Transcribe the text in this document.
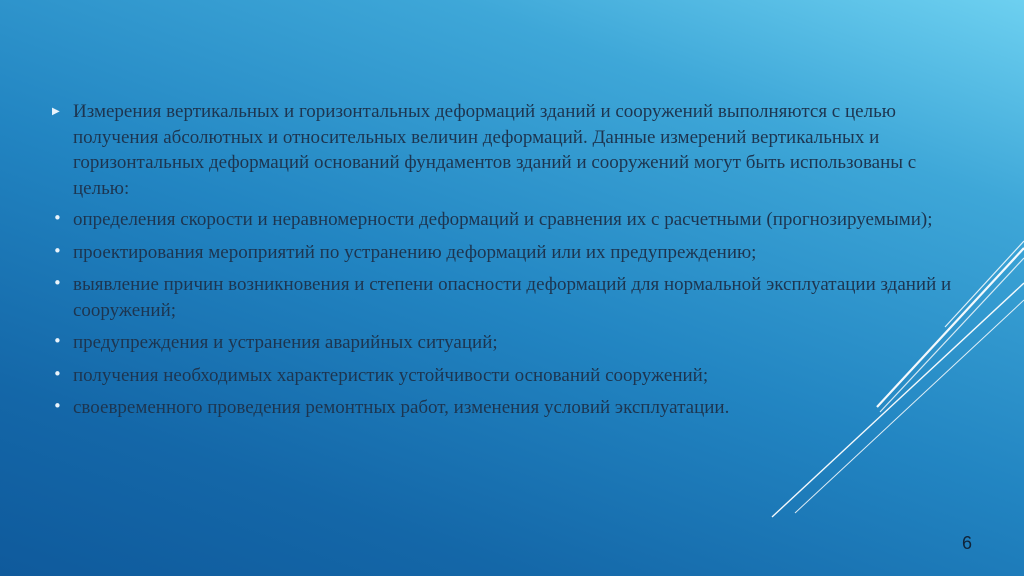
▶ Измерения вертикальных и горизонтальных деформаций зданий и сооружений выполняются с целью получения абсолютных и относительных величин деформаций. Данные измерений вертикальных и горизонтальных деформаций оснований фундаментов зданий и сооружений могут быть использованы с целью:
• определения скорости и неравномерности деформаций и сравнения их с расчетными (прогнозируемыми);
• проектирования мероприятий по устранению деформаций или их предупреждению;
• выявление причин возникновения и степени опасности деформаций для нормальной эксплуатации зданий и сооружений;
• предупреждения и устранения аварийных ситуаций;
• получения необходимых характеристик устойчивости оснований сооружений;
• своевременного проведения ремонтных работ, изменения условий эксплуатации.
6
